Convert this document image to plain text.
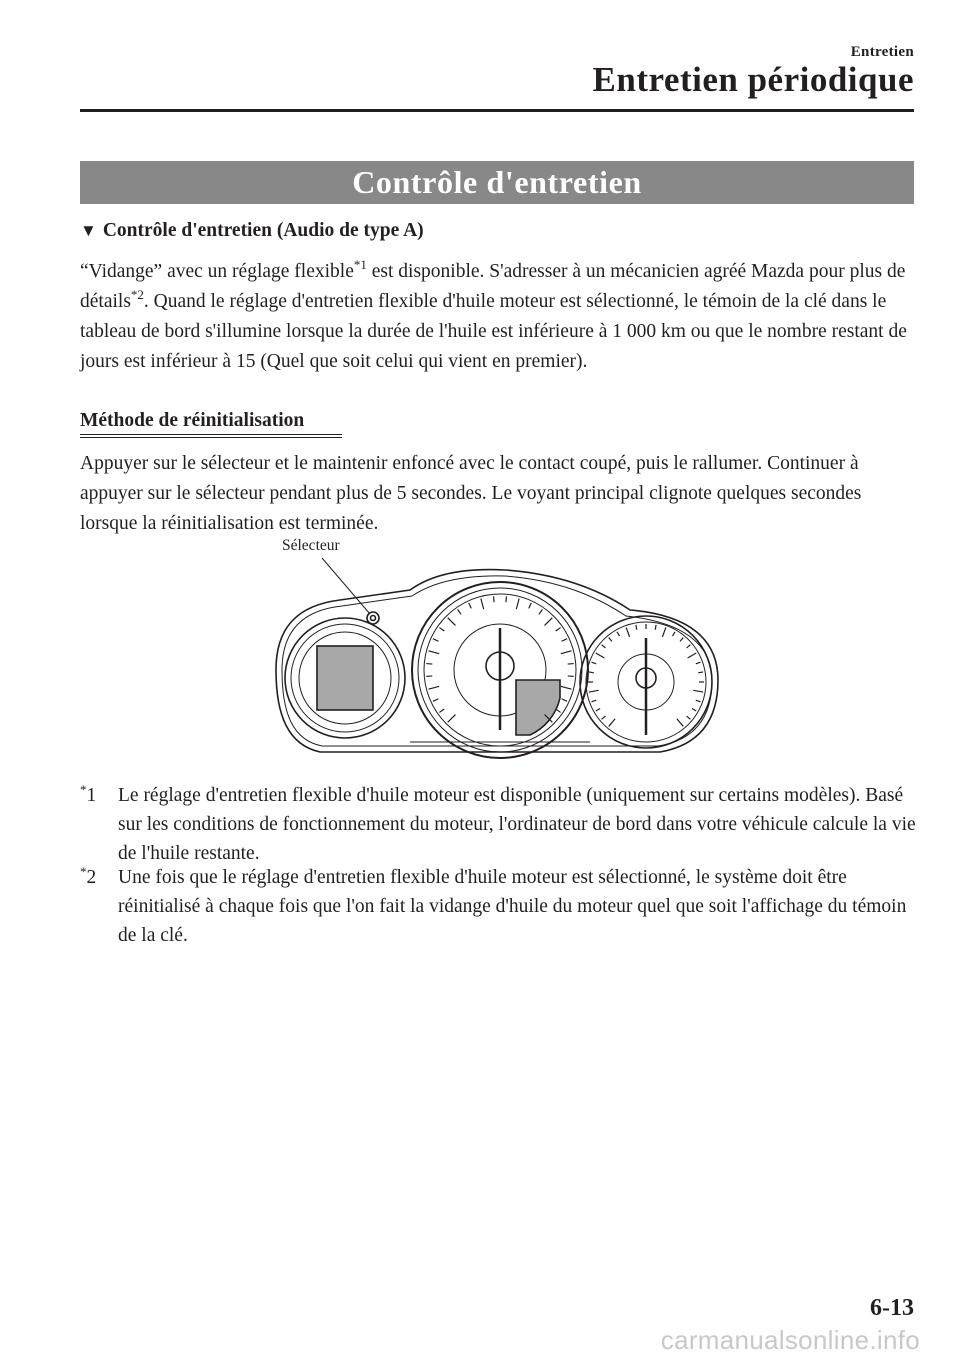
Entretien
Entretien périodique
Contrôle d'entretien
▼ Contrôle d'entretien (Audio de type A)

“Vidange” avec un réglage flexible$^{*1}$ est disponible. S'adresser à un mécanicien agréé Mazda pour plus de détails$^{*2}$. Quand le réglage d'entretien flexible d'huile moteur est sélectionné, le témoin de la clé dans le tableau de bord s'illumine lorsque la durée de l'huile est inférieure à 1 000 km ou que le nombre restant de jours est inférieur à 15 (Quel que soit celui qui vient en premier).

Méthode de réinitialisation

Appuyer sur le sélecteur et le maintenir enfoncé avec le contact coupé, puis le rallumer. Continuer à appuyer sur le sélecteur pendant plus de 5 secondes. Le voyant principal clignote quelques secondes lorsque la réinitialisation est terminée.

Sélecteur
*1 Le réglage d'entretien flexible d'huile moteur est disponible (uniquement sur certains modèles). Basé sur les conditions de fonctionnement du moteur, l'ordinateur de bord dans votre véhicule calcule la vie de l'huile restante.
*2 Une fois que le réglage d'entretien flexible d'huile moteur est sélectionné, le système doit être réinitialisé à chaque fois que l'on fait la vidange d'huile du moteur quel que soit l'affichage du témoin de la clé.
6-13
carmanualsonline.info
